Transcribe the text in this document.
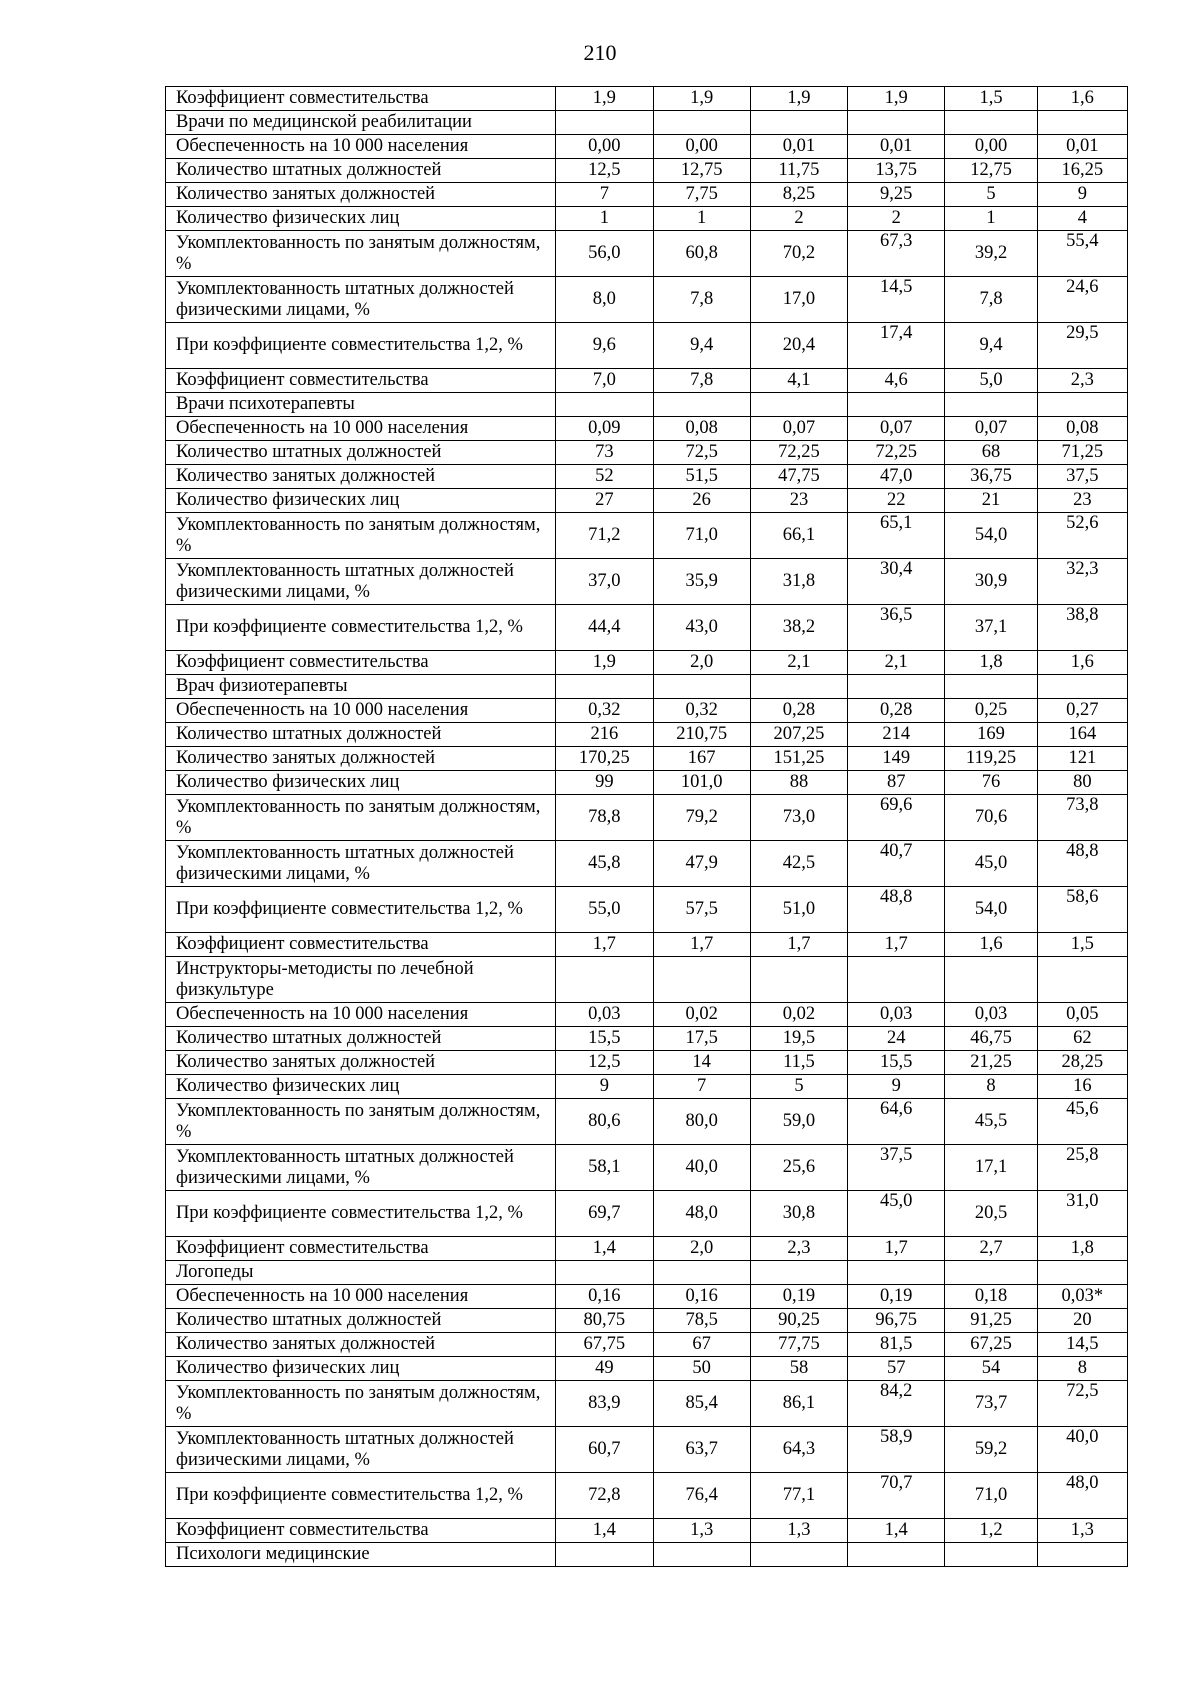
210
Коэффициент совместительства	1,9	1,9	1,9	1,9	1,5	1,6
Врачи по медицинской реабилитации						
Обеспеченность на 10 000 населения	0,00	0,00	0,01	0,01	0,00	0,01
Количество штатных должностей	12,5	12,75	11,75	13,75	12,75	16,25
Количество занятых должностей	7	7,75	8,25	9,25	5	9
Количество физических лиц	1	1	2	2	1	4
Укомплектованность по занятым должностям, %	56,0	60,8	70,2	67,3	39,2	55,4
Укомплектованность штатных должностей физическими лицами, %	8,0	7,8	17,0	14,5	7,8	24,6
При коэффициенте совместительства 1,2, %	9,6	9,4	20,4	17,4	9,4	29,5
Коэффициент совместительства	7,0	7,8	4,1	4,6	5,0	2,3
Врачи психотерапевты						
Обеспеченность на 10 000 населения	0,09	0,08	0,07	0,07	0,07	0,08
Количество штатных должностей	73	72,5	72,25	72,25	68	71,25
Количество занятых должностей	52	51,5	47,75	47,0	36,75	37,5
Количество физических лиц	27	26	23	22	21	23
Укомплектованность по занятым должностям, %	71,2	71,0	66,1	65,1	54,0	52,6
Укомплектованность штатных должностей физическими лицами, %	37,0	35,9	31,8	30,4	30,9	32,3
При коэффициенте совместительства 1,2, %	44,4	43,0	38,2	36,5	37,1	38,8
Коэффициент совместительства	1,9	2,0	2,1	2,1	1,8	1,6
Врач физиотерапевты						
Обеспеченность на 10 000 населения	0,32	0,32	0,28	0,28	0,25	0,27
Количество штатных должностей	216	210,75	207,25	214	169	164
Количество занятых должностей	170,25	167	151,25	149	119,25	121
Количество физических лиц	99	101,0	88	87	76	80
Укомплектованность по занятым должностям, %	78,8	79,2	73,0	69,6	70,6	73,8
Укомплектованность штатных должностей физическими лицами, %	45,8	47,9	42,5	40,7	45,0	48,8
При коэффициенте совместительства 1,2, %	55,0	57,5	51,0	48,8	54,0	58,6
Коэффициент совместительства	1,7	1,7	1,7	1,7	1,6	1,5
Инструкторы-методисты по лечебной физкультуре						
Обеспеченность на 10 000 населения	0,03	0,02	0,02	0,03	0,03	0,05
Количество штатных должностей	15,5	17,5	19,5	24	46,75	62
Количество занятых должностей	12,5	14	11,5	15,5	21,25	28,25
Количество физических лиц	9	7	5	9	8	16
Укомплектованность по занятым должностям, %	80,6	80,0	59,0	64,6	45,5	45,6
Укомплектованность штатных должностей физическими лицами, %	58,1	40,0	25,6	37,5	17,1	25,8
При коэффициенте совместительства 1,2, %	69,7	48,0	30,8	45,0	20,5	31,0
Коэффициент совместительства	1,4	2,0	2,3	1,7	2,7	1,8
Логопеды						
Обеспеченность на 10 000 населения	0,16	0,16	0,19	0,19	0,18	0,03*
Количество штатных должностей	80,75	78,5	90,25	96,75	91,25	20
Количество занятых должностей	67,75	67	77,75	81,5	67,25	14,5
Количество физических лиц	49	50	58	57	54	8
Укомплектованность по занятым должностям, %	83,9	85,4	86,1	84,2	73,7	72,5
Укомплектованность штатных должностей физическими лицами, %	60,7	63,7	64,3	58,9	59,2	40,0
При коэффициенте совместительства 1,2, %	72,8	76,4	77,1	70,7	71,0	48,0
Коэффициент совместительства	1,4	1,3	1,3	1,4	1,2	1,3
Психологи медицинские						
